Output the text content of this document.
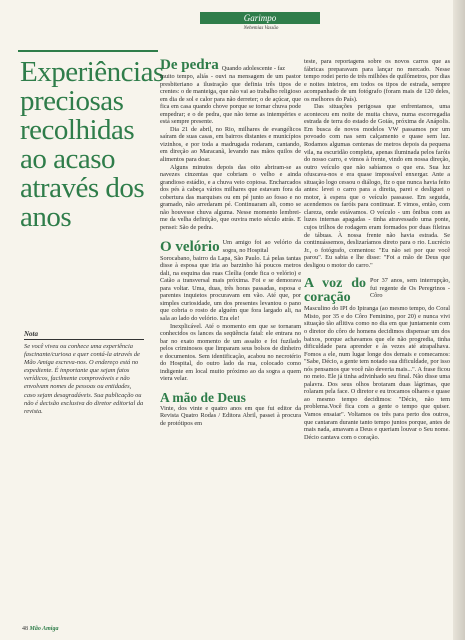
Garimpo
Nehemias Vassão
Experiências preciosas recolhidas ao acaso através dos anos
Nota
Se você viveu ou conhece uma experiência fascinante/curiosa e quer contá-la através de Mão Amiga escreva-nos. O endereço está no expediente. É importante que sejam fatos verídicos, facilmente comprováveis e não envolvam nomes de pessoas ou entidades, caso sejam desagradáveis. Sua publicação ou não é decisão exclusiva do diretor editorial da revista.
De pedra Quando adolescente - faz

muito tempo, aliás - ouvi na mensagem de um pastor presbiteriano a ilustração que definia três tipos de crentes: o de manteiga, que não vai ao trabalho religioso em dia de sol e calor para não derreter; o de açúcar, que fica em casa quando chove porque se tornar chuva pode empedrar; e o de pedra, que não teme as intempéries e está sempre presente.

Dia 21 de abril, no Rio, milhares de evangélicos saíram de suas casas, em bairros distantes e municípios vizinhos, e por toda a madrugada rodaram, cantando, em direção ao Maracanã, levando nas mãos quilos de alimentos para doar.

Alguns minutos depois das oito abriram-se as navezes cinzentas que cobriam o velho e ainda grandioso estádio, e a chuva veio copiosa. Encharcados dos pés à cabeça vários milhares que estavam fora da cobertura das marquises ou em pé junto ao fosso e no gramado, não arredaram pé. Continuaram ali, como se não houvesse chuva alguma. Nesse momento lembrei-me da velha definição, que ouvira meio século atrás. E pensei: São de pedra.

O velório Um amigo foi ao velório da sogra, no Hospital

Sorocabano, bairro da Lapa, São Paulo. Lá pelas tantas disse à esposa que iria ao barzinho há poucos metros dali, na esquina das ruas Cleília (onde fica o velório) e Catão a transversal mais próxima. Foi e se demorava para voltar. Uma, duas, três horas passadas, esposa e parentes inquietos procuravam em vão. Até que, por simples curiosidade, um dos presentes levantou o pano que cobria o rosto de alguém que fora largado ali, na sala ao lado do velório. Era ele!

Inexplicável. Até o momento em que se tornaram conhecidos os lances da seqüência fatal: ele entrara no bar no exato momento de um assalto e foi fuzilado pelos criminosos que limparam seus bolsos de dinheiro e documentos. Sem identificação, acabou no necrotério do Hospital, do outro lado da rua, colocado como indigente em local muito próximo ao da sogra a quem viera velar.

A mão de Deus

Vinte, dos vinte e quatro anos em que fui editor da Revista Quatro Rodas / Editora Abril, passei à procura de protótipos em

teste, para reportagens sobre os novos carros que as fábricas preparavam para lançar no mercado. Nesse tempo rodei perto de três milhões de quilômetros, por dias e noites inteiros, em todos os tipos de estrada, sempre acompanhado de um fotógrafo (foram mais de 120 deles, os melhores do País).

Das situações perigosas que enfrentamos, uma aconteceu em noite de muita chuva, numa escorregadia estrada de terra do estado de Goiás, próxima de Anápolis. Em busca de novos modelos VW passamos por um povoado com nas sem calçamento e quase sem luz. Rodamos algumas centenas de metros depois da pequena vila, na escuridão completa, apenas iluminada pelos faróis do nosso carro, e vimos à frente, vindo em nossa direção, outro veículo que não sabíamos o que era. Sua luz ofuscava-nos e era quase impossível enxergar. Ante a situação logo cessou o diálogo, fiz o que nunca havia feito antes: levei o carro para a direita, parei e desliguei o motor, à espera que o veículo passasse. Em seguida, acendemos os faróis para continuar. E vimos, então, com clareza, onde estávamos. O veículo - um ônibus com as luzes internas apagadas - tinha atravessado uma ponte, cujos trilhos de rodagem eram formados por duas fileiras de tábuas. À nossa frente não havia estrada. Se continuássemos, deslizaríamos direto para o rio. Lucrécio Jr., o fotógrafo, comentou: "Eu não sei por que você parou". Eu sabia e lhe disse: "Foi a mão de Deus que desligou o motor do carro."

A voz do coração
Por 37 anos, sem interrupção, fui regente de Os Peregrinos - Côro

Masculino do IPI do Ipiranga (ao mesmo tempo, do Coral Misto, por 35 e do Côro Feminino, por 20) e nunca vivi situação tão aflitiva como no dia em que juntamente com o diretor do côro de homens decidimos dispensar um dos baixos, porque achavamos que ele não progredia, tinha dificuldade para aprender e às vezes até atrapalhava. Fomos a ele, num lugar longe dos demais e comecamos: "Sabe, Décio, a gente tem notado sua dificuldade, por isso nós pensamos que você não deveria mais...". A frase ficou no meio. Ele já tinha adivinhado seu final. Não disse uma palavra. Dos seus olhos brotaram duas lágrimas, que rolaram pela face. O diretor e eu trocamos olhares e quase ao mesmo tempo decidimos: "Décio, não tem problema.Você fica com a gente o tempo que quiser. Vamos ensaiar". Voltamos os três para perto dos outros, que cantaram durante tanto tempo juntos porque, antes de mais nada, amavam a Deus e queriam louvar o Seu nome. Décio cantava com o coração.

48 Mão Amiga
